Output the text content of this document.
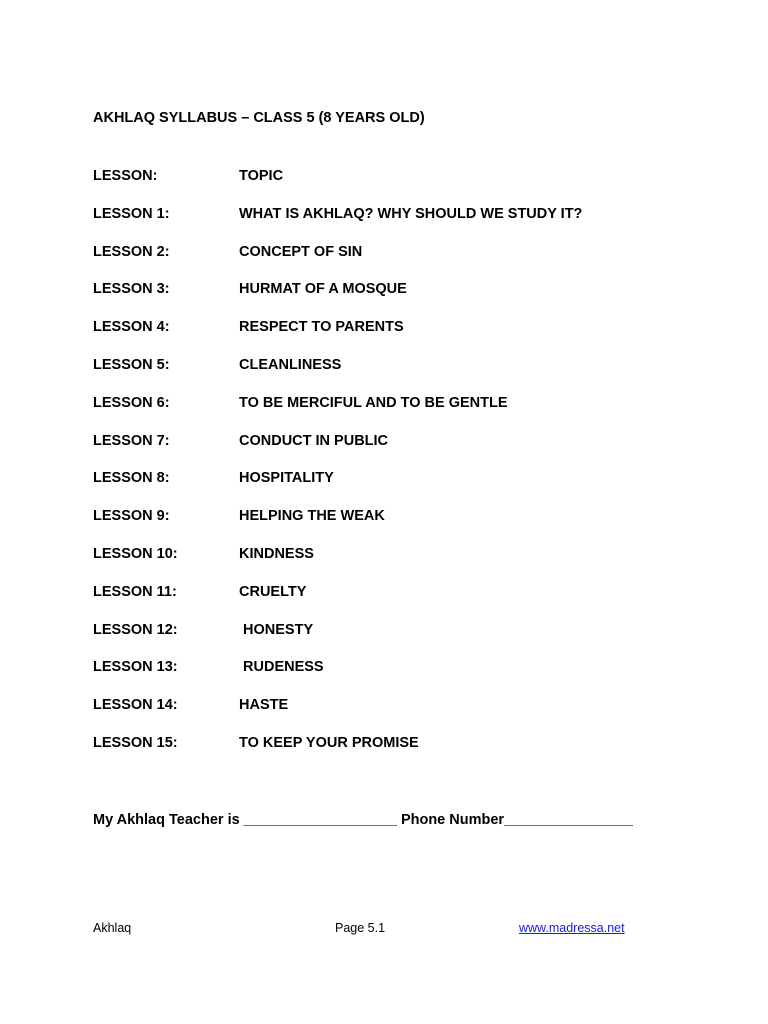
AKHLAQ SYLLABUS – CLASS 5 (8 YEARS OLD)
LESSON:	TOPIC
LESSON 1:	WHAT IS AKHLAQ? WHY SHOULD WE STUDY IT?
LESSON 2:	CONCEPT OF SIN
LESSON 3:	HURMAT OF A MOSQUE
LESSON 4:	RESPECT TO PARENTS
LESSON 5:	CLEANLINESS
LESSON 6:	TO BE MERCIFUL AND TO BE GENTLE
LESSON 7:	CONDUCT IN PUBLIC
LESSON 8:	HOSPITALITY
LESSON 9:	HELPING THE WEAK
LESSON 10:	KINDNESS
LESSON 11:	CRUELTY
LESSON 12:	HONESTY
LESSON 13:	RUDENESS
LESSON 14:	HASTE
LESSON 15:	TO KEEP YOUR PROMISE
My Akhlaq Teacher is ___________________ Phone Number________________
Akhlaq	Page 5.1	www.madressa.net
